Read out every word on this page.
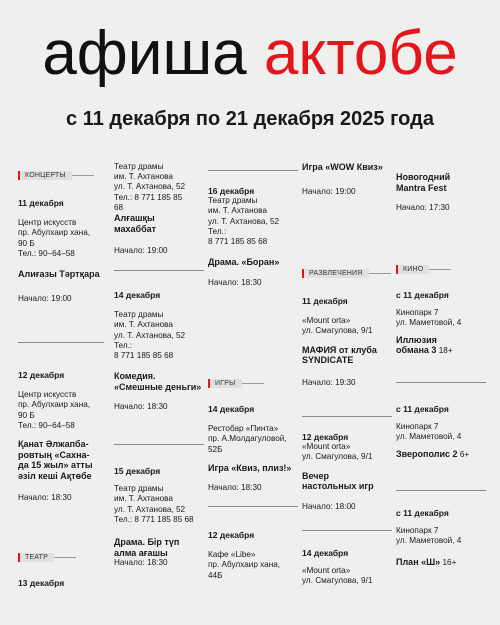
афиша актобе
с 11 декабря по 21 декабря 2025 года
КОНЦЕРТЫ
11 декабря
Центр искусств
пр. Абулхаир хана,
90 Б
Тел.: 90–64–58
Алиғазы Тәртқара
Начало: 19:00
12 декабря
Центр искусств
пр. Абулхаир хана,
90 Б
Тел.: 90–64–58
Қанат Әлжапба-
ровтың «Сахна-
да 15 жыл» атты
әзіл кеші Ақтөбе
Начало: 18:30
ТЕАТР
13 декабря
Театр драмы
им. Т. Ахтанова
ул. Т. Ахтанова, 52
Тел.: 8 771 185 85
68
Алғашқы
махаббат
Начало: 19:00
14 декабря
Театр драмы
им. Т. Ахтанова
ул. Т. Ахтанова, 52
Тел.:
8 771 185 85 68
Комедия.
«Смешные деньги»
Начало: 18:30
15 декабря
Театр драмы
им. Т. Ахтанова
ул. Т. Ахтанова, 52
Тел.: 8 771 185 85 68
Драма. Бір түп
алма ағашы
Начало: 18:30
16 декабря
Театр драмы
им. Т. Ахтанова
ул. Т. Ахтанова, 52
Тел.:
8 771 185 85 68
Драма. «Боран»
Начало: 18:30
ИГРЫ
14 декабря
Рестобар «Пинта»
пр. А.Молдагуловой,
52Б
Игра «Квиз, плиз!»
Начало: 18:30
12 декабря
Кафе «Libe»
пр. Абулхаир хана,
44Б
Игра «WOW Квиз»
Начало: 19:00
РАЗВЛЕЧЕНИЯ
11 декабря
«Mount orta»
ул. Смагулова, 9/1
МАФИЯ от клуба
SYNDICATE
Начало: 19:30
12 декабря
«Mount orta»
ул. Смагулова, 9/1
Вечер
настольных игр
Начало: 18:00
14 декабря
«Mount orta»
ул. Смагулова, 9/1
Новогодний
Mantra Fest
Начало: 17:30
КИНО
с 11 декабря
Кинопарк 7
ул. Маметовой, 4
Иллюзия
обмана 3 18+
с 11 декабря
Кинопарк 7
ул. Маметовой, 4
Зверополис 2 6+
с 11 декабря
Кинопарк 7
ул. Маметовой, 4
План «Ш» 16+
